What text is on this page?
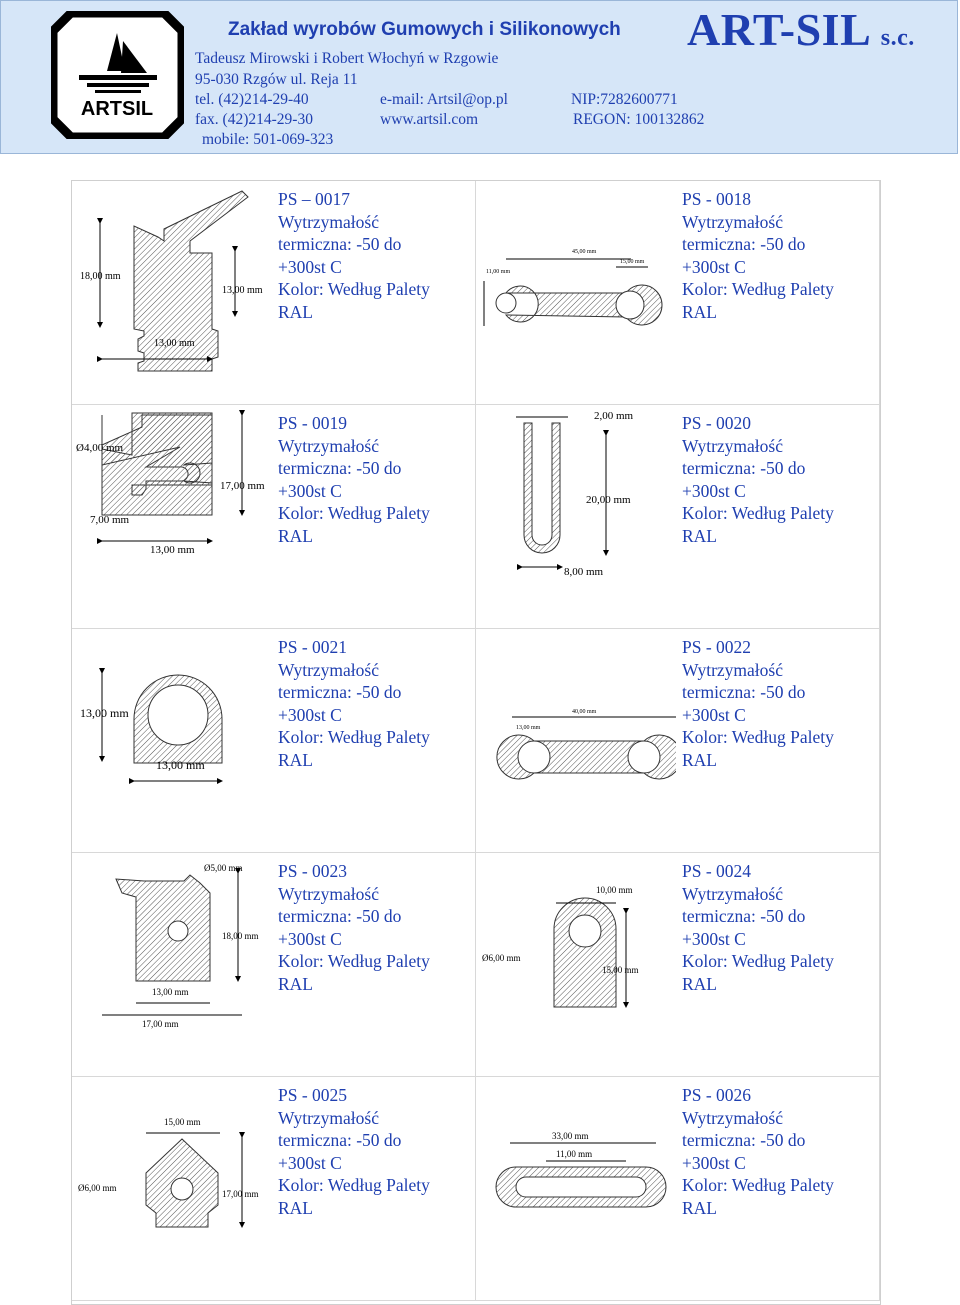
ARTSIL
Zakład wyrobów Gumowych i Silikonowych ART-SIL s.c.
Tadeusz Mirowski i Robert Włochyń w Rzgowie
95-030 Rzgów ul. Reja 11
tel. (42)214-29-40	e-mail: Artsil@op.pl	NIP:7282600771
fax. (42)214-29-30	www.artsil.com	REGON: 100132862
mobile: 501-069-323
18,00 mm
13,00 mm
13,00 mm
PS – 0017
Wytrzymałość
termiczna: -50 do
+300st C
Kolor: Według Palety
RAL
45,00 mm
15,00 mm
11,00 mm
PS - 0018
Wytrzymałość
termiczna: -50 do
+300st C
Kolor: Według Palety
RAL
Ø4,00 mm
7,00 mm
13,00 mm
17,00 mm
PS - 0019
Wytrzymałość
termiczna: -50 do
+300st C
Kolor: Według Palety
RAL
2,00 mm
20,00 mm
8,00 mm
PS - 0020
Wytrzymałość
termiczna: -50 do
+300st C
Kolor: Według Palety
RAL
13,00 mm
13,00 mm
PS - 0021
Wytrzymałość
termiczna: -50 do
+300st C
Kolor: Według Palety
RAL
40,00 mm
13,00 mm
PS - 0022
Wytrzymałość
termiczna: -50 do
+300st C
Kolor: Według Palety
RAL
Ø5,00 mm
18,00 mm
13,00 mm
17,00 mm
PS - 0023
Wytrzymałość
termiczna: -50 do
+300st C
Kolor: Według Palety
RAL
10,00 mm
Ø6,00 mm
15,00 mm
PS - 0024
Wytrzymałość
termiczna: -50 do
+300st C
Kolor: Według Palety
RAL
15,00 mm
Ø6,00 mm
17,00 mm
PS - 0025
Wytrzymałość
termiczna: -50 do
+300st C
Kolor: Według Palety
RAL
33,00 mm
11,00 mm
PS - 0026
Wytrzymałość
termiczna: -50 do
+300st C
Kolor: Według Palety
RAL
